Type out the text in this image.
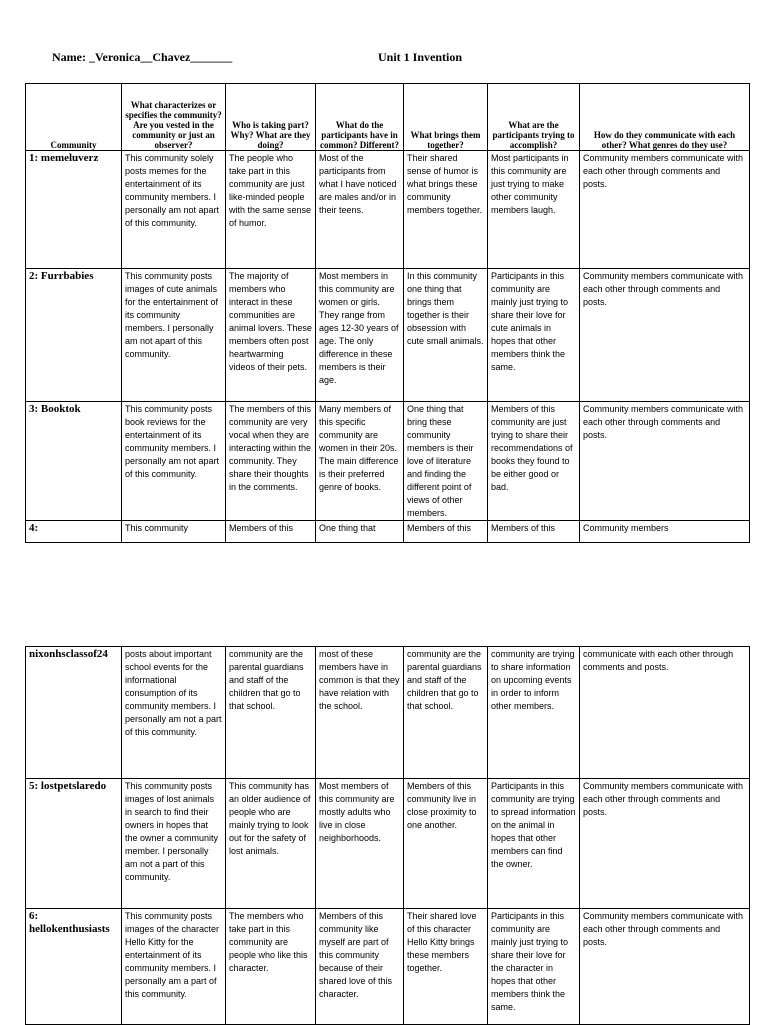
Name: _Veronica__Chavez_______	Unit 1 Invention
Community	What characterizes or specifies the community? Are you vested in the community or just an observer?	Who is taking part? Why? What are they doing?	What do the participants have in common? Different?	What brings them together?	What are the participants trying to accomplish?	How do they communicate with each other? What genres do they use?
1: memeluverz	This community solely posts memes for the entertainment of its community members. I personally am not apart of this community.	The people who take part in this community are just like-minded people with the same sense of humor.	Most of the participants from what I have noticed are males and/or in their teens.	Their shared sense of humor is what brings these community members together.	Most participants in this community are just trying to make other community members laugh.	Community members communicate with each other through comments and posts.
2: Furrbabies	This community posts images of cute animals for the entertainment of its community members. I personally am not apart of this community.	The majority of members who interact in these communities are animal lovers. These members often post heartwarming videos of their pets.	Most members in this community are women or girls. They range from ages 12-30 years of age. The only difference in these members is their age.	In this community one thing that brings them together is their obsession with cute small animals.	Participants in this community are mainly just trying to share their love for cute animals in hopes that other members think the same.	Community members communicate with each other through comments and posts.
3: Booktok	This community posts book reviews for the entertainment of its community members. I personally am not apart of this community.	The members of this community are very vocal when they are interacting within the community. They share their thoughts in the comments.	Many members of this specific community are women in their 20s. The main difference is their preferred genre of books.	One thing that bring these community members is their love of literature and finding the different point of views of other members.	Members of this community are just trying to share their recommendations of books they found to be either good or bad.	Community members communicate with each other through comments and posts.
4:	This community	Members of this	One thing that	Members of this	Members of this	Community members
nixonhsclassof24	posts about important school events for the informational consumption of its community members. I personally am not a part of this community.	community are the parental guardians and staff of the children that go to that school.	most of these members have in common is that they have relation with the school.	community are the parental guardians and staff of the children that go to that school.	community are trying to share information on upcoming events in order to inform other members.	communicate with each other through comments and posts.
5: lostpetslaredo	This community posts images of lost animals in search to find their owners in hopes that the owner a community member. I personally am not a part of this community.	This community has an older audience of people who are mainly trying to look out for the safety of lost animals.	Most members of this community are mostly adults who live in close neighborhoods.	Members of this community live in close proximity to one another.	Participants in this community are trying to spread information on the animal in hopes that other members can find the owner.	Community members communicate with each other through comments and posts.
6: hellokenthusiasts	This community posts images of the character Hello Kitty for the entertainment of its community members. I personally am a part of this community.	The members who take part in this community are people who like this character.	Members of this community like myself are part of this community because of their shared love of this character.	Their shared love of this character Hello Kitty brings these members together.	Participants in this community are mainly just trying to share their love for the character in hopes that other members think the same.	Community members communicate with each other through comments and posts.
